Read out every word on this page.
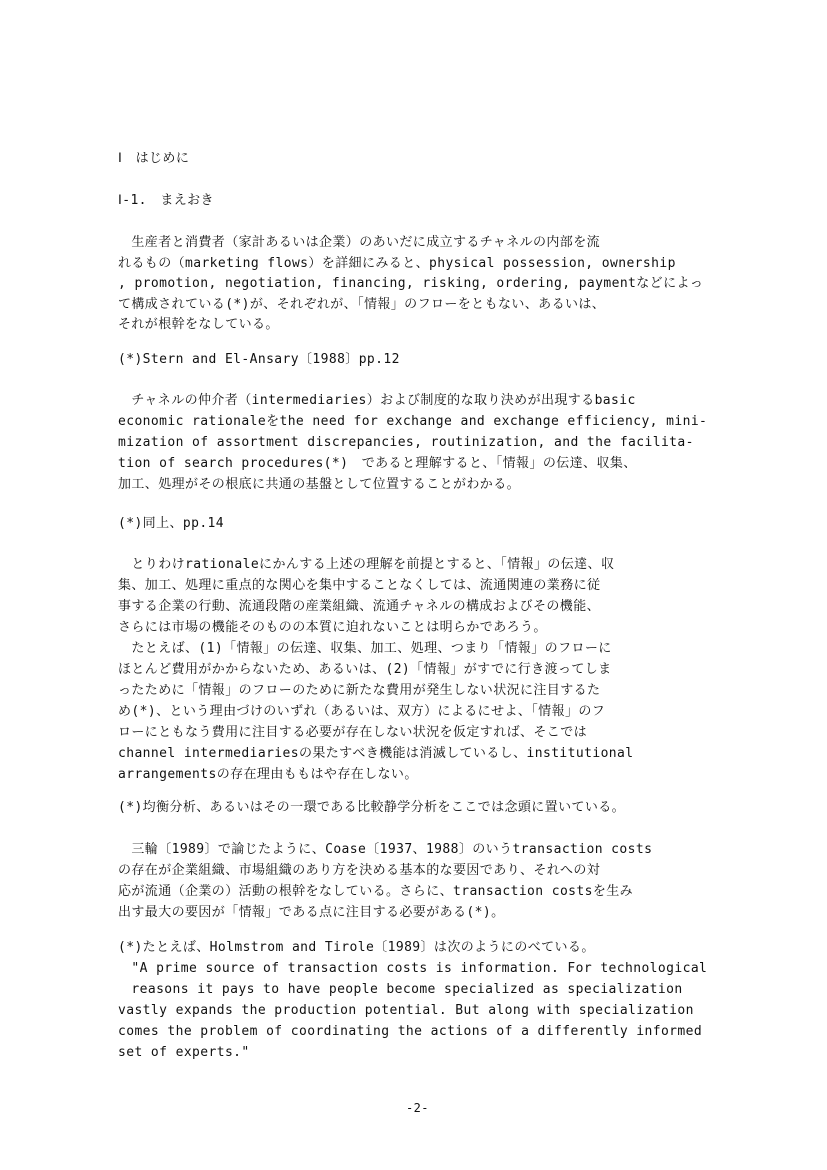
Ⅰ　はじめに
Ⅰ-1.　まえおき
　生産者と消費者（家計あるいは企業）のあいだに成立するチャネルの内部を流
れるもの（marketing flows）を詳細にみると、physical possession, ownership
, promotion, negotiation, financing, risking, ordering, paymentなどによっ
て構成されている(*)が、それぞれが、「情報」のフローをともない、あるいは、
それが根幹をなしている。
(*)Stern and El-Ansary〔1988〕pp.12
　チャネルの仲介者（intermediaries）および制度的な取り決めが出現するbasic
economic rationaleをthe need for exchange and exchange efficiency, mini-
mization of assortment discrepancies, routinization, and the facilita-
tion of search procedures(*)　であると理解すると、「情報」の伝達、収集、
加工、処理がその根底に共通の基盤として位置することがわかる。
(*)同上、pp.14
　とりわけrationaleにかんする上述の理解を前提とすると、「情報」の伝達、収
集、加工、処理に重点的な関心を集中することなくしては、流通関連の業務に従
事する企業の行動、流通段階の産業組織、流通チャネルの構成およびその機能、
さらには市場の機能そのものの本質に迫れないことは明らかであろう。
　たとえば、(1)「情報」の伝達、収集、加工、処理、つまり「情報」のフローに
ほとんど費用がかからないため、あるいは、(2)「情報」がすでに行き渡ってしま
ったために「情報」のフローのために新たな費用が発生しない状況に注目するた
め(*)、という理由づけのいずれ（あるいは、双方）によるにせよ、「情報」のフ
ローにともなう費用に注目する必要が存在しない状況を仮定すれば、そこでは
channel intermediariesの果たすべき機能は消滅しているし、institutional
arrangementsの存在理由ももはや存在しない。
(*)均衡分析、あるいはその一環である比較静学分析をここでは念頭に置いている。
　三輪〔1989〕で論じたように、Coase〔1937、1988〕のいうtransaction costs
の存在が企業組織、市場組織のあり方を決める基本的な要因であり、それへの対
応が流通（企業の）活動の根幹をなしている。さらに、transaction costsを生み
出す最大の要因が「情報」である点に注目する必要がある(*)。
(*)たとえば、Holmstrom and Tirole〔1989〕は次のようにのべている。
　"A prime source of transaction costs is information. For technological
　reasons it pays to have people become specialized as specialization
vastly expands the production potential. But along with specialization
comes the problem of coordinating the actions of a differently informed
set of experts."
-2-
